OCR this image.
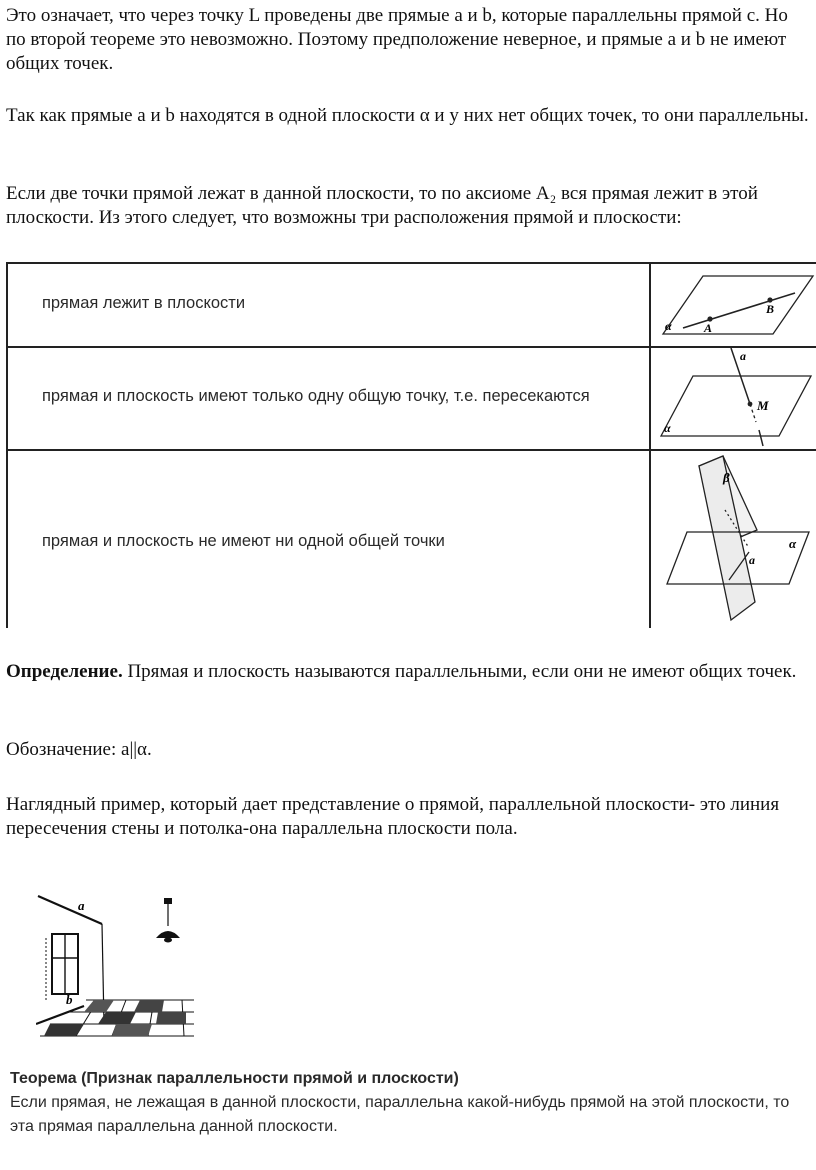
Это означает, что через точку L проведены две прямые a и b, которые параллельны прямой с. Но по второй теореме это невозможно. Поэтому предположение неверное, и прямые a и b не имеют общих точек.

Так как прямые a и b находятся в одной плоскости α и у них нет общих точек, то они параллельны.

Если две точки прямой лежат в данной плоскости, то по аксиоме A₂ вся прямая лежит в этой плоскости. Из этого следует, что возможны три расположения прямой и плоскости:

прямая лежит в плоскости
прямая и плоскость имеют только одну общую точку, т.е. пересекаются
прямая и плоскость не имеют ни одной общей точки
α	A
B
a
M
α
β
α
a

Определение. Прямая и плоскость называются параллельными, если они не имеют общих точек.

Обозначение: a||α.

Наглядный пример, который дает представление о прямой, параллельной плоскости- это линия пересечения стены и потолка-она параллельна плоскости пола.

a
b
Теорема (Признак параллельности прямой и плоскости)
Если прямая, не лежащая в данной плоскости, параллельна какой-нибудь прямой на этой плоскости, то эта прямая параллельна данной плоскости.
